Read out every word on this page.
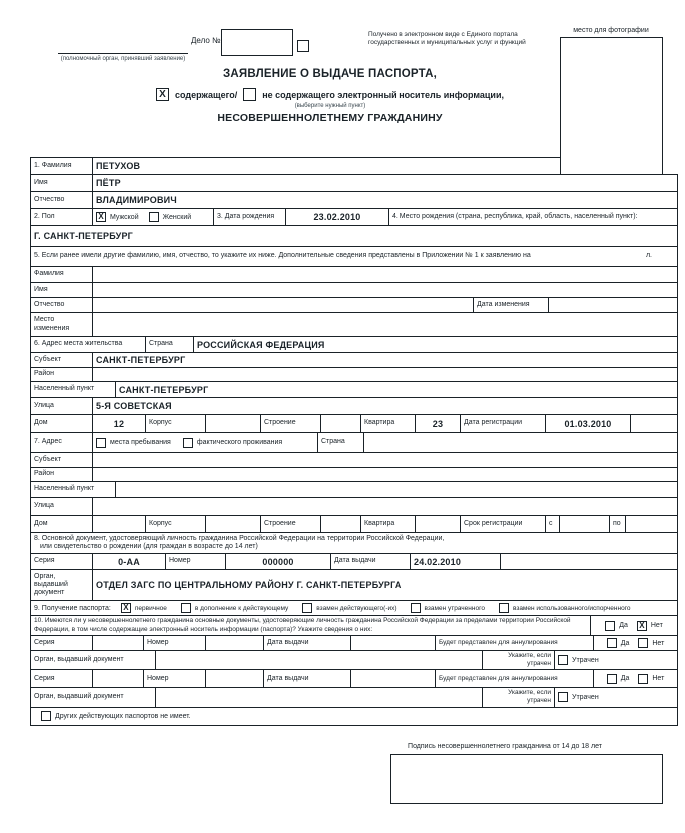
(полномочный орган, принявший заявление)
Дело №
Получено в электронном виде с Единого портала государственных и муниципальных услуг и функций
место для фотографии
ЗАЯВЛЕНИЕ О ВЫДАЧЕ ПАСПОРТА,
X	содержащего/	не содержащего электронный носитель информации,
(выберите нужный пункт)
НЕСОВЕРШЕННОЛЕТНЕМУ ГРАЖДАНИНУ
1. Фамилия	ПЕТУХОВ
Имя	ПЁТР
Отчество	ВЛАДИМИРОВИЧ
2. Пол	X Мужской	Женский	3. Дата рождения	23.02.2010	4. Место рождения (страна, республика, край, область, населенный пункт):
Г. САНКТ-ПЕТЕРБУРГ
5. Если ранее имели другие фамилию, имя, отчество, то укажите их ниже. Дополнительные сведения представлены в Приложении № 1 к заявлению на	л.
Фамилия
Имя
Отчество	Дата изменения
Место изменения
6. Адрес места жительства	Страна	РОССИЙСКАЯ ФЕДЕРАЦИЯ
Субъект	САНКТ-ПЕТЕРБУРГ
Район
Населенный пункт	САНКТ-ПЕТЕРБУРГ
Улица	5-Я СОВЕТСКАЯ
Дом	12	Корпус	Строение	Квартира	23	Дата регистрации	01.03.2010
7. Адрес	места пребывания	фактического проживания	Страна
Субъект
Район
Населенный пункт
Улица
Дом	Корпус	Строение	Квартира	Срок регистрации	с	по
8. Основной документ, удостоверяющий личность гражданина Российской Федерации на территории Российской Федерации,
или свидетельство о рождении (для граждан в возрасте до 14 лет)
Серия	0-АА	Номер	000000	Дата выдачи	24.02.2010
Орган, выдавший документ
ОТДЕЛ ЗАГС ПО ЦЕНТРАЛЬНОМУ РАЙОНУ Г. САНКТ-ПЕТЕРБУРГА
9. Получение паспорта: X первичное	в дополнение к действующему	взамен действующего(-их)	взамен утраченного	взамен использованного/испорченного
10. Имеются ли у несовершеннолетнего гражданина основные документы, удостоверяющие личность гражданина Российской Федерации за пределами территории Российской Федерации, в том числе содержащие электронный носитель информации (паспорта)? Укажите сведения о них:	Да X Нет
Серия	Номер	Дата выдачи	Будет представлен для аннулирования	Да	Нет
Орган, выдавший документ
Укажите, если утрачен	Утрачен
Серия	Номер	Дата выдачи	Будет представлен для аннулирования	Да	Нет
Орган, выдавший документ
Укажите, если утрачен	Утрачен
Других действующих паспортов не имеет.
Подпись несовершеннолетнего гражданина от 14 до 18 лет
